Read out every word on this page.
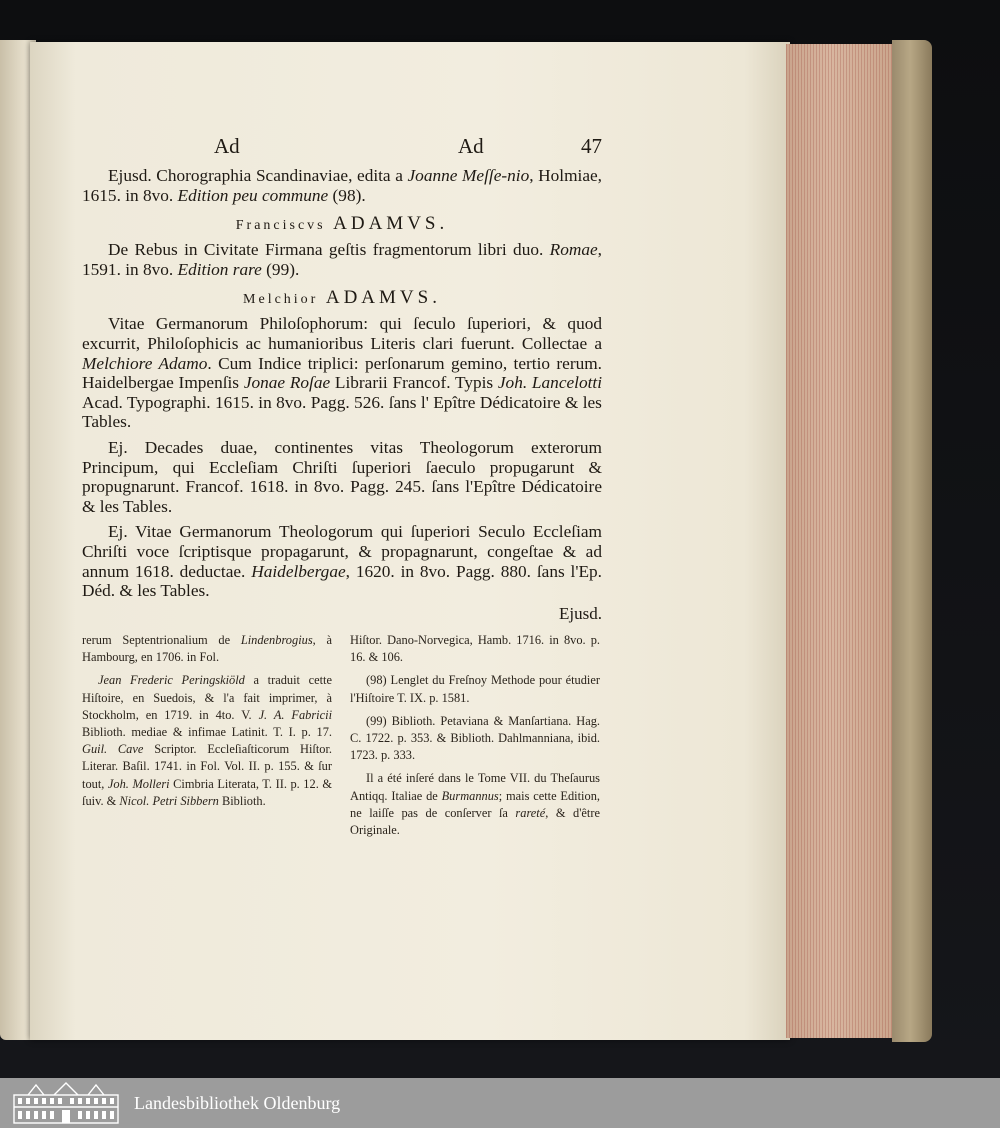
Ad	Ad	47

Ejusd. Chorographia Scandinaviae, edita a Joanne Meſſe-nio, Holmiae, 1615. in 8vo. Edition peu commune (98).

Franciscvs ADAMVS.

De Rebus in Civitate Firmana geſtis fragmentorum libri duo. Romae, 1591. in 8vo. Edition rare (99).

Melchior ADAMVS.

Vitae Germanorum Philoſophorum: qui ſeculo ſuperiori, & quod excurrit, Philoſophicis ac humanioribus Literis clari fuerunt. Collectae a Melchiore Adamo. Cum Indice triplici: perſonarum gemino, tertio rerum. Haidelbergae Impenſis Jonae Roſae Librarii Francof. Typis Joh. Lancelotti Acad. Typographi. 1615. in 8vo. Pagg. 526. ſans l' Epître Dédicatoire & les Tables.

Ej. Decades duae, continentes vitas Theologorum exterorum Principum, qui Eccleſiam Chriſti ſuperiori ſaeculo propugarunt & propugnarunt. Francof. 1618. in 8vo. Pagg. 245. ſans l'Epître Dédicatoire & les Tables.

Ej. Vitae Germanorum Theologorum qui ſuperiori Seculo Eccleſiam Chriſti voce ſcriptisque propagarunt, & propagnarunt, congeſtae & ad annum 1618. deductae. Haidelbergae, 1620. in 8vo. Pagg. 880. ſans l'Ep. Déd. & les Tables.

Ejusd.

rerum Septentrionalium de Lindenbrogius, à Hambourg, en 1706. in Fol.

Jean Frederic Peringskiöld a traduit cette Hiſtoire, en Suedois, & l'a fait imprimer, à Stockholm, en 1719. in 4to. V. J. A. Fabricii Biblioth. mediae & infimae Latinit. T. I. p. 17. Guil. Cave Scriptor. Eccleſiaſticorum Hiſtor. Literar. Baſil. 1741. in Fol. Vol. II. p. 155. & ſur tout, Joh. Molleri Cimbria Literata, T. II. p. 12. & ſuiv. & Nicol. Petri Sibbern Biblioth.

Hiſtor. Dano-Norvegica, Hamb. 1716. in 8vo. p. 16. & 106.

(98) Lenglet du Freſnoy Methode pour étudier l'Hiſtoire T. IX. p. 1581.

(99) Biblioth. Petaviana & Manſartiana. Hag. C. 1722. p. 353. & Biblioth. Dahlmanniana, ibid. 1723. p. 333.

Il a été inſeré dans le Tome VII. du Theſaurus Antiqq. Italiae de Burmannus; mais cette Edition, ne laiſſe pas de conſerver ſa rareté, & d'être Originale.

Landesbibliothek Oldenburg
